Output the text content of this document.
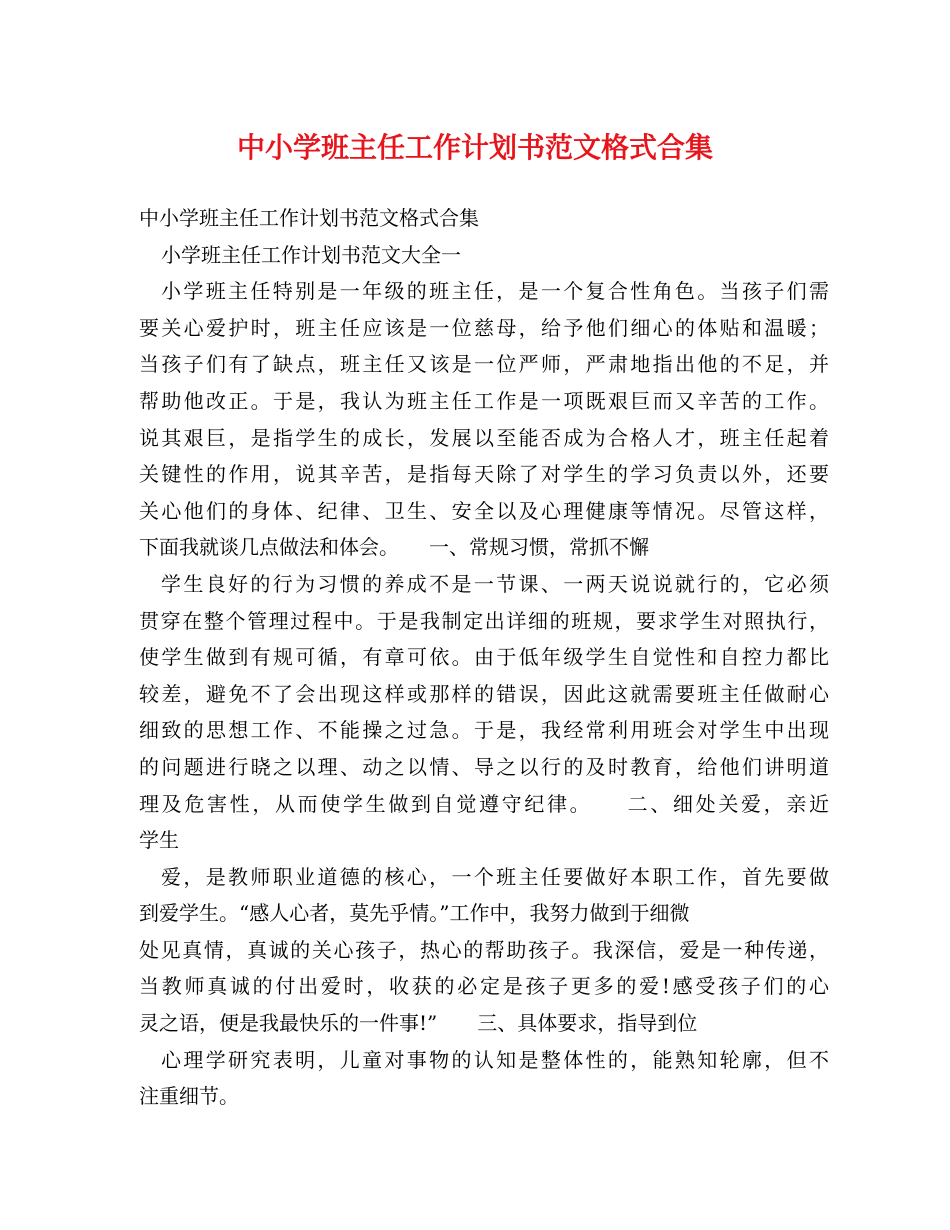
中小学班主任工作计划书范文格式合集
中小学班主任工作计划书范文格式合集
小学班主任工作计划书范文大全一
小学班主任特别是一年级的班主任，是一个复合性角色。当孩子们需
要关心爱护时，班主任应该是一位慈母，给予他们细心的体贴和温暖；
当孩子们有了缺点，班主任又该是一位严师，严肃地指出他的不足，并
帮助他改正。于是，我认为班主任工作是一项既艰巨而又辛苦的工作。
说其艰巨，是指学生的成长，发展以至能否成为合格人才，班主任起着
关键性的作用，说其辛苦，是指每天除了对学生的学习负责以外，还要
关心他们的身体、纪律、卫生、安全以及心理健康等情况。尽管这样，
下面我就谈几点做法和体会。　　一、常规习惯，常抓不懈
学生良好的行为习惯的养成不是一节课、一两天说说就行的，它必须
贯穿在整个管理过程中。于是我制定出详细的班规，要求学生对照执行，
使学生做到有规可循，有章可依。由于低年级学生自觉性和自控力都比
较差，避免不了会出现这样或那样的错误，因此这就需要班主任做耐心
细致的思想工作、不能操之过急。于是，我经常利用班会对学生中出现
的问题进行晓之以理、动之以情、导之以行的及时教育，给他们讲明道
理及危害性，从而使学生做到自觉遵守纪律。　　二、细处关爱，亲近
学生
爱，是教师职业道德的核心，一个班主任要做好本职工作，首先要做
到爱学生。“感人心者，莫先乎情。”工作中，我努力做到于细微
处见真情，真诚的关心孩子，热心的帮助孩子。我深信，爱是一种传递，
当教师真诚的付出爱时，收获的必定是孩子更多的爱!感受孩子们的心
灵之语，便是我最快乐的一件事!”　　三、具体要求，指导到位
心理学研究表明，儿童对事物的认知是整体性的，能熟知轮廓，但不
注重细节。
